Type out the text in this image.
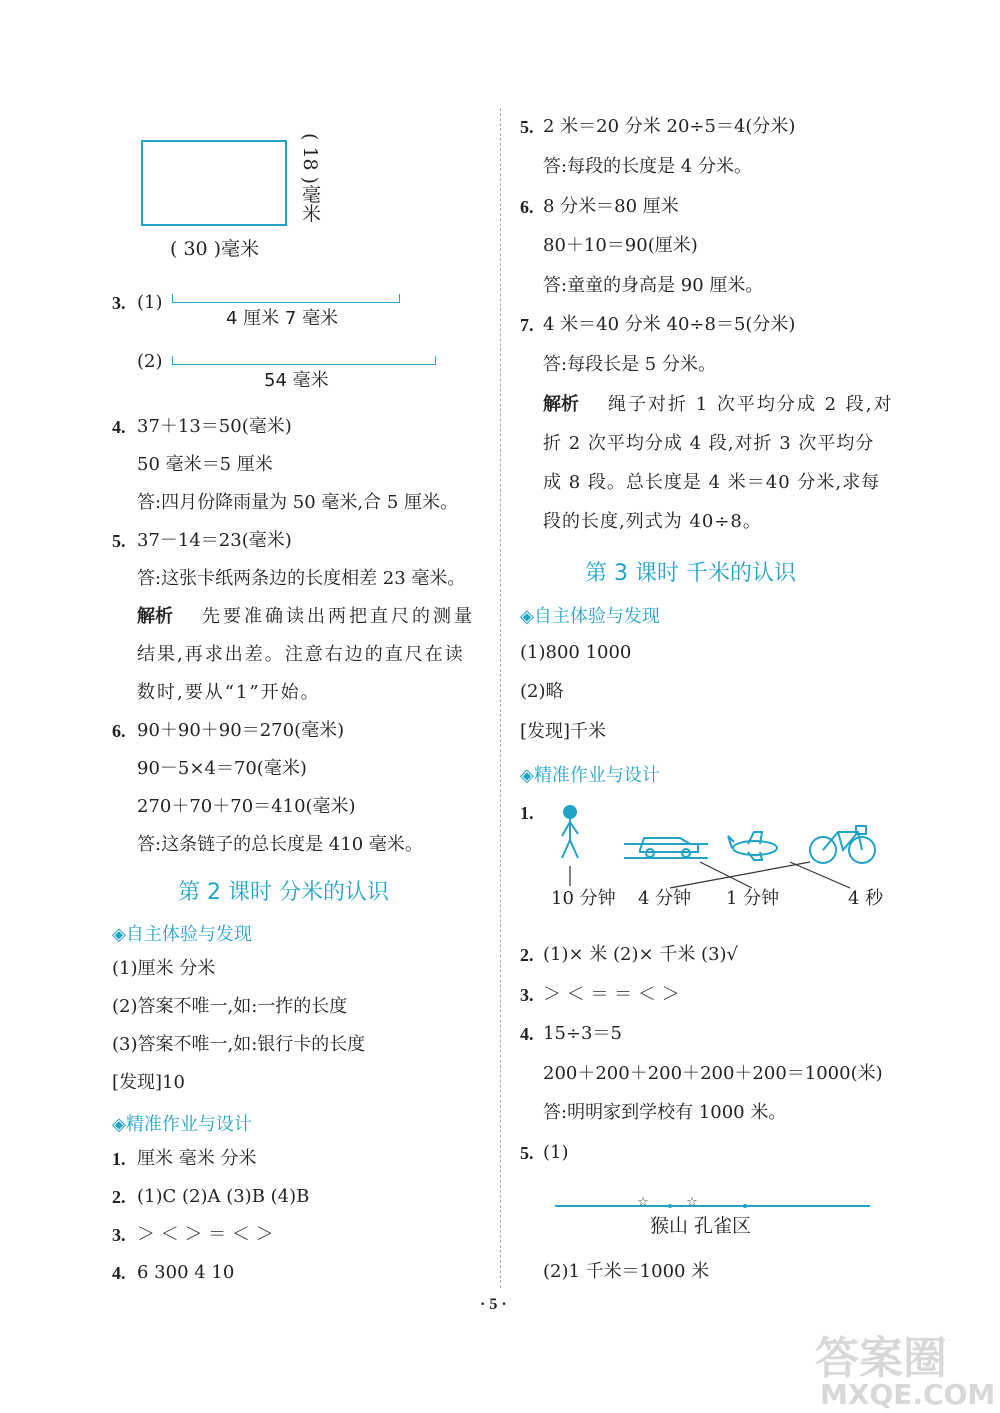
( 18 )毫米
( 30 )毫米
3. (1)
4 厘米 7 毫米
(2)
54 毫米
4. 37＋13＝50(毫米)
50 毫米＝5 厘米
答:四月份降雨量为 50 毫米,合 5 厘米。
5. 37－14＝23(毫米)
答:这张卡纸两条边的长度相差 23 毫米。
解析 先要准确读出两把直尺的测量
结果,再求出差。注意右边的直尺在读
数时,要从“1”开始。
6. 90＋90＋90＝270(毫米)
90－5×4＝70(毫米)
270＋70＋70＝410(毫米)
答:这条链子的总长度是 410 毫米。
第 2 课时 分米的认识
◈自主体验与发现
(1)厘米 分米
(2)答案不唯一,如:一拃的长度
(3)答案不唯一,如:银行卡的长度
[发现]10
◈精准作业与设计
1. 厘米 毫米 分米
2. (1)C (2)A (3)B (4)B
3. ＞ ＜ ＞ ＝ ＜ ＞
4. 6 300 4 10
5. 2 米＝20 分米 20÷5＝4(分米)
答:每段的长度是 4 分米。
6. 8 分米＝80 厘米
80＋10＝90(厘米)
答:童童的身高是 90 厘米。
7. 4 米＝40 分米 40÷8＝5(分米)
答:每段长是 5 分米。
解析 绳子对折 1 次平均分成 2 段,对
折 2 次平均分成 4 段,对折 3 次平均分
成 8 段。总长度是 4 米＝40 分米,求每
段的长度,列式为 40÷8。
第 3 课时 千米的认识
◈自主体验与发现
(1)800 1000
(2)略
[发现]千米
◈精准作业与设计
1.
10 分钟 4 分钟 1 分钟	4 秒
2. (1)× 米 (2)× 千米 (3)√
3. ＞ ＜ ＝ ＝ ＜ ＞
4. 15÷3＝5
200＋200＋200＋200＋200＝1000(米)
答:明明家到学校有 1000 米。
5. (1)
☆	☆
猴山 孔雀区
(2)1 千米＝1000 米
· 5 ·
答案圈
MXQE.COM
